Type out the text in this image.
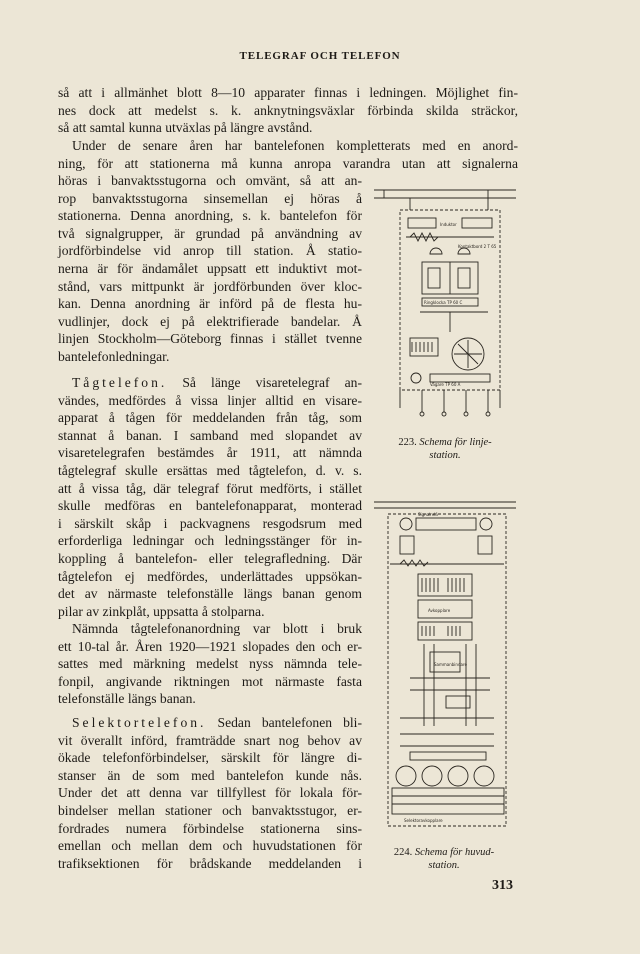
TELEGRAF OCH TELEFON
så att i allmänhet blott 8—10 apparater finnas i ledningen. Möjlighet fin-
nes dock att medelst s. k. anknytningsväxlar förbinda skilda sträckor,
så att samtal kunna utväxlas på längre avstånd.
Under de senare åren har bantelefonen kompletterats med en anord-
ning, för att stationerna må kunna anropa varandra utan att signalerna
höras i banvaktsstugorna och omvänt, så att an-
rop banvaktsstugorna sinsemellan ej höras å
stationerna. Denna anordning, s. k. bantelefon för
två signalgrupper, är grundad på användning av
jordförbindelse vid anrop till station. Å statio-
nerna är för ändamålet uppsatt ett induktivt mot-
stånd, vars mittpunkt är jordförbunden över kloc-
kan. Denna anordning är införd på de flesta hu-
vudlinjer, dock ej på elektrifierade bandelar. Å
linjen Stockholm—Göteborg finnas i stället tvenne
bantelefonledningar.
Tågtelefon. Så länge visaretelegraf an-
vändes, medfördes å vissa linjer alltid en visare-
apparat å tågen för meddelanden från tåg, som
stannat å banan. I samband med slopandet av
visaretelegrafen bestämdes år 1911, att nämnda
tågtelegraf skulle ersättas med tågtelefon, d. v. s.
att å vissa tåg, där telegraf förut medförts, i stället
skulle medföras en bantelefonapparat, monterad
i särskilt skåp i packvagnens resgodsrum med
erforderliga ledningar och ledningsstänger för in-
koppling å bantelefon- eller telegrafledning. Där
tågtelefon ej medfördes, underlättades uppsökan-
det av närmaste telefonställe längs banan genom
pilar av zinkplåt, uppsatta å stolparna.
Nämnda tågtelefonanordning var blott i bruk
ett 10-tal år. Åren 1920—1921 slopades den och er-
sattes med märkning medelst nyss nämnda tele-
fonpil, angivande riktningen mot närmaste fasta
telefonställe längs banan.
Selektortelefon. Sedan bantelefonen bli-
vit överallt införd, framträdde snart nog behov av
ökade telefonförbindelser, särskilt för längre di-
stanser än de som med bantelefon kunde nås.
Under det att denna var tillfyllest för lokala för-
bindelser mellan stationer och banvaktsstugor, er-
fordrades numera förbindelse stationerna sins-
emellan och mellan dem och huvudstationen för
trafiksektionen för brådskande meddelanden i
Induktor
Kontaktbord 2 T 65
Ringklocka TP 60 C
Vägare TP 60 A
223. Schema för linje-
station.
Signalrelä
Avkopplare
Sammanbindare
Selektoravkopplare
224. Schema för huvud-
station.
313
